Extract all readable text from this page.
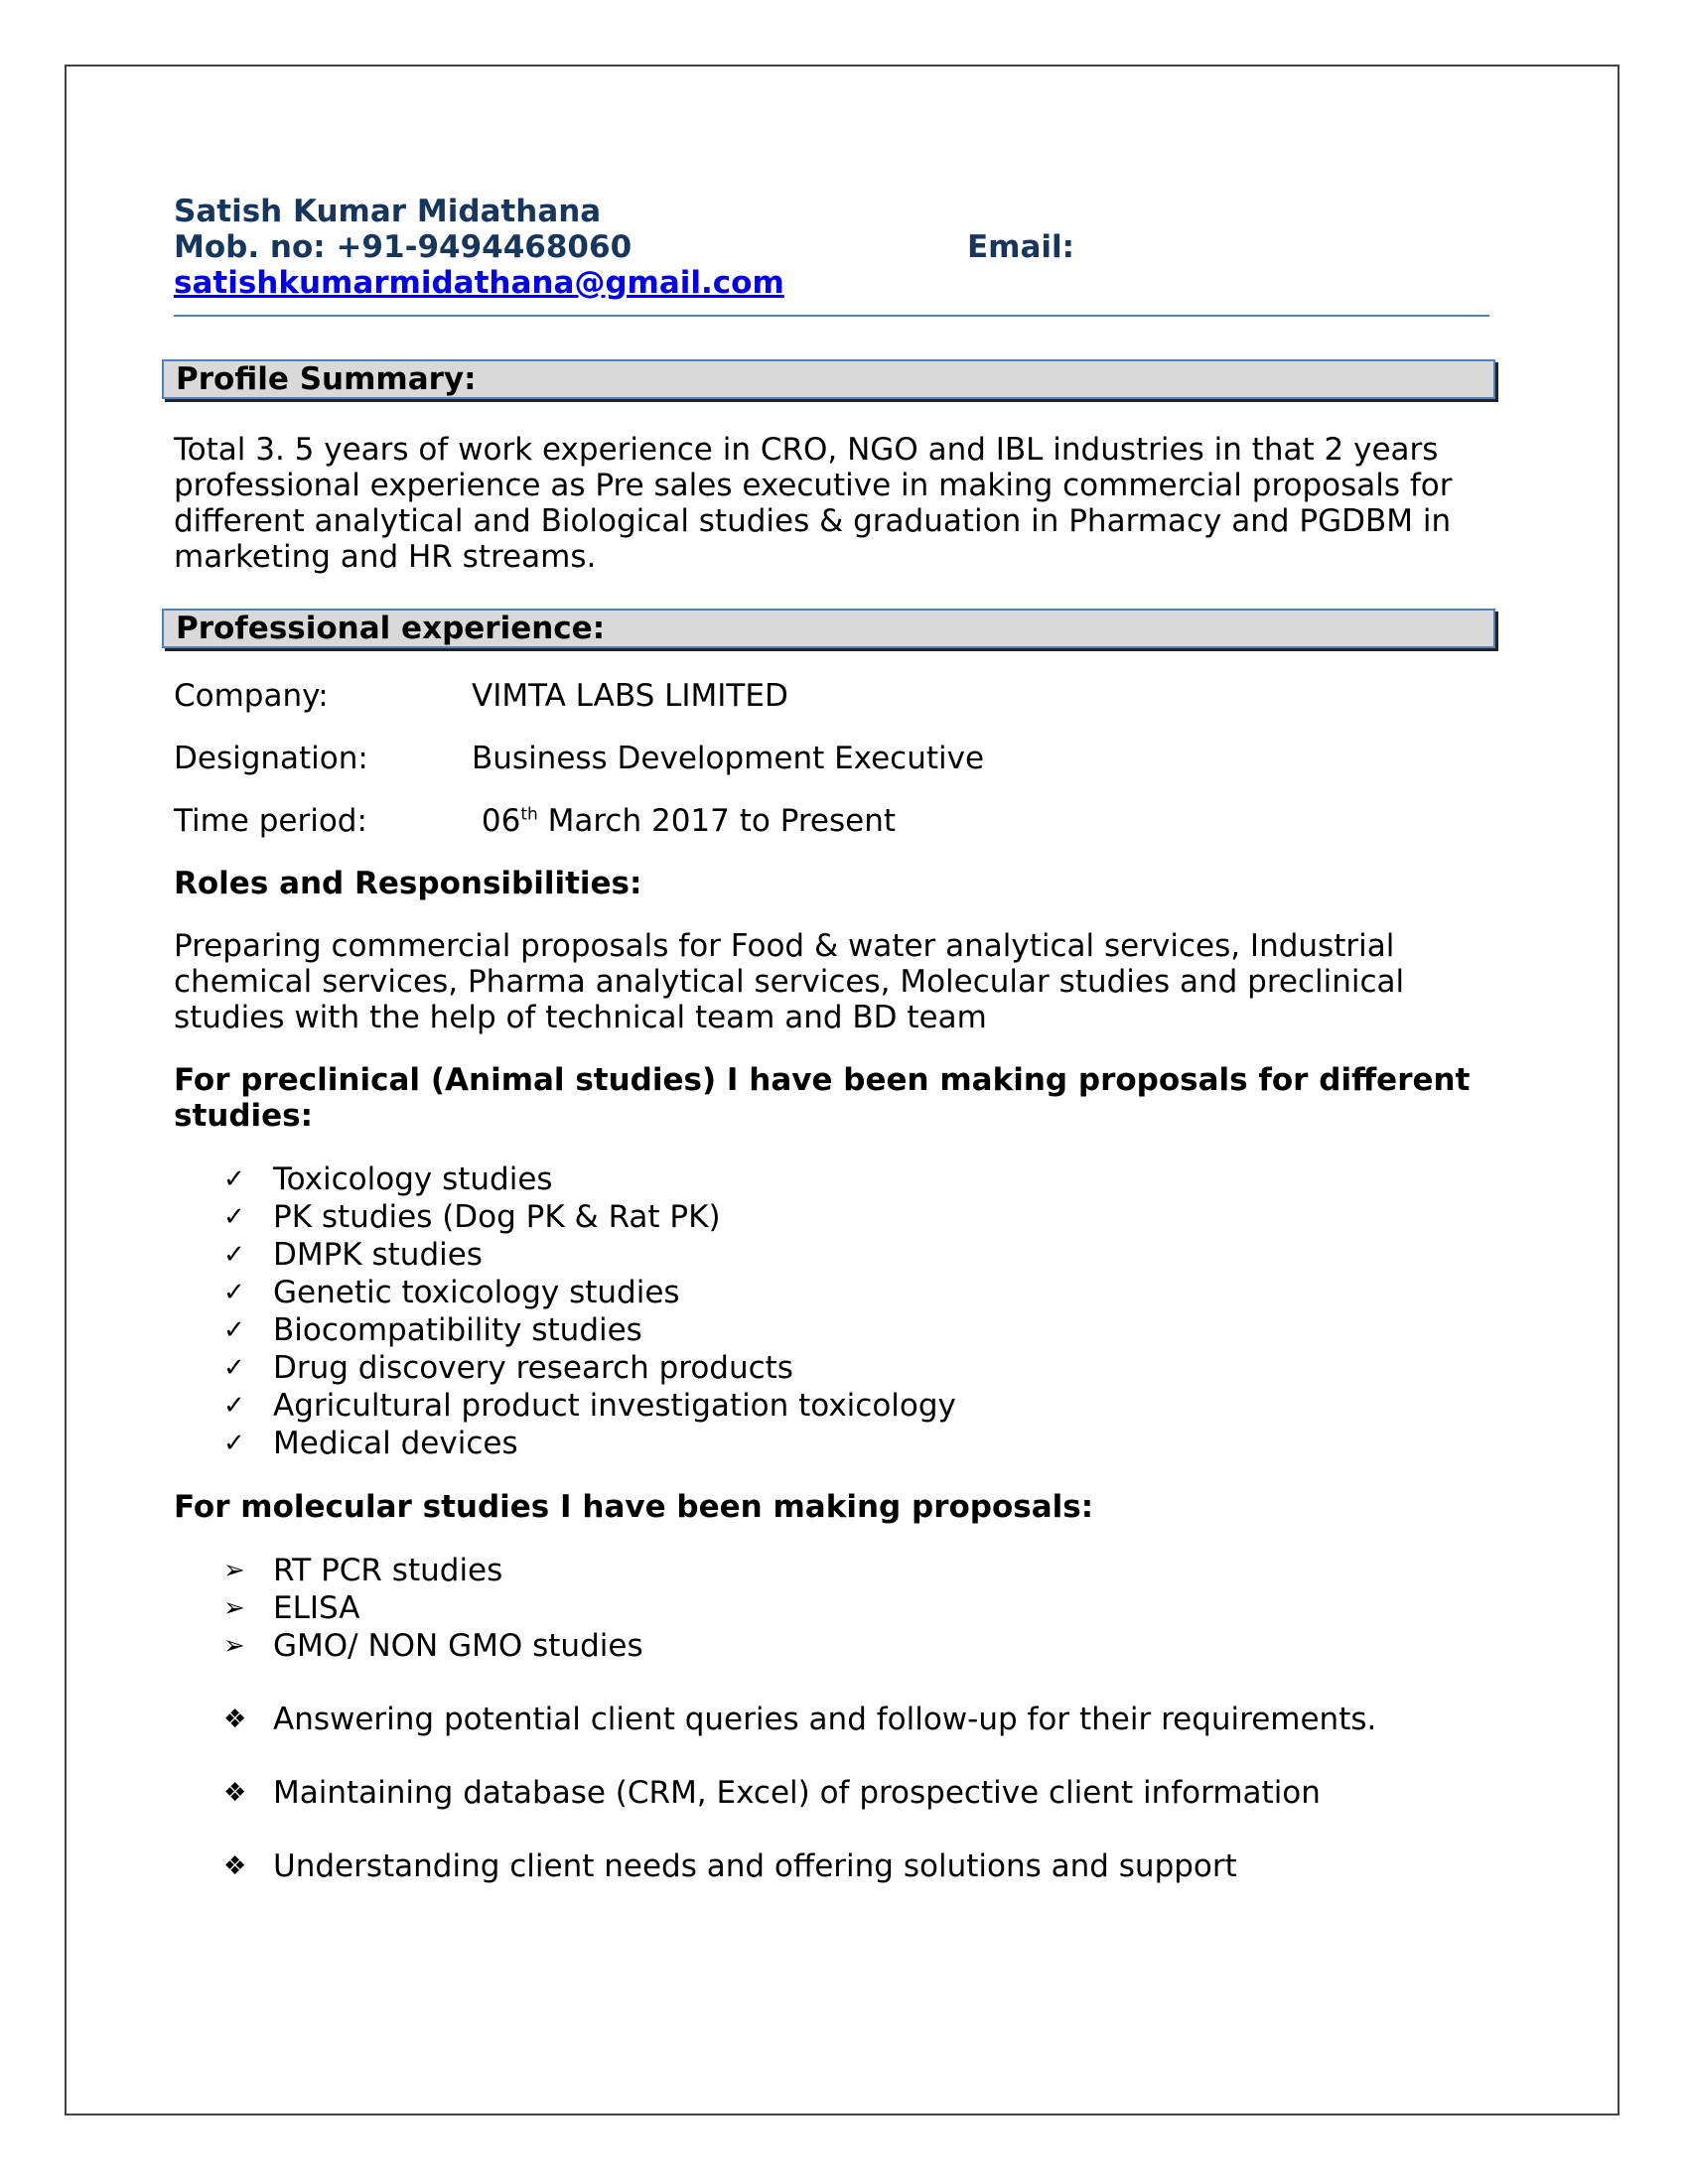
Satish Kumar Midathana
Mob. no: +91-9494468060	Email:
satishkumarmidathana@gmail.com
Profile Summary:
Total 3. 5 years of work experience in CRO, NGO and IBL industries in that 2 years professional experience as Pre sales executive in making commercial proposals for different analytical and Biological studies & graduation in Pharmacy and PGDBM in marketing and HR streams.
Professional experience:
Company:	VIMTA LABS LIMITED
Designation:	Business Development Executive
Time period:	06th March 2017 to Present
Roles and Responsibilities:
Preparing commercial proposals for Food & water analytical services, Industrial chemical services, Pharma analytical services, Molecular studies and preclinical studies with the help of technical team and BD team
For preclinical (Animal studies) I have been making proposals for different studies:
✓ Toxicology studies
✓ PK studies (Dog PK & Rat PK)
✓ DMPK studies
✓ Genetic toxicology studies
✓ Biocompatibility studies
✓ Drug discovery research products
✓ Agricultural product investigation toxicology
✓ Medical devices
For molecular studies I have been making proposals:
➢ RT PCR studies
➢ ELISA
➢ GMO/ NON GMO studies
❖ Answering potential client queries and follow-up for their requirements.
❖ Maintaining database (CRM, Excel) of prospective client information
❖ Understanding client needs and offering solutions and support
